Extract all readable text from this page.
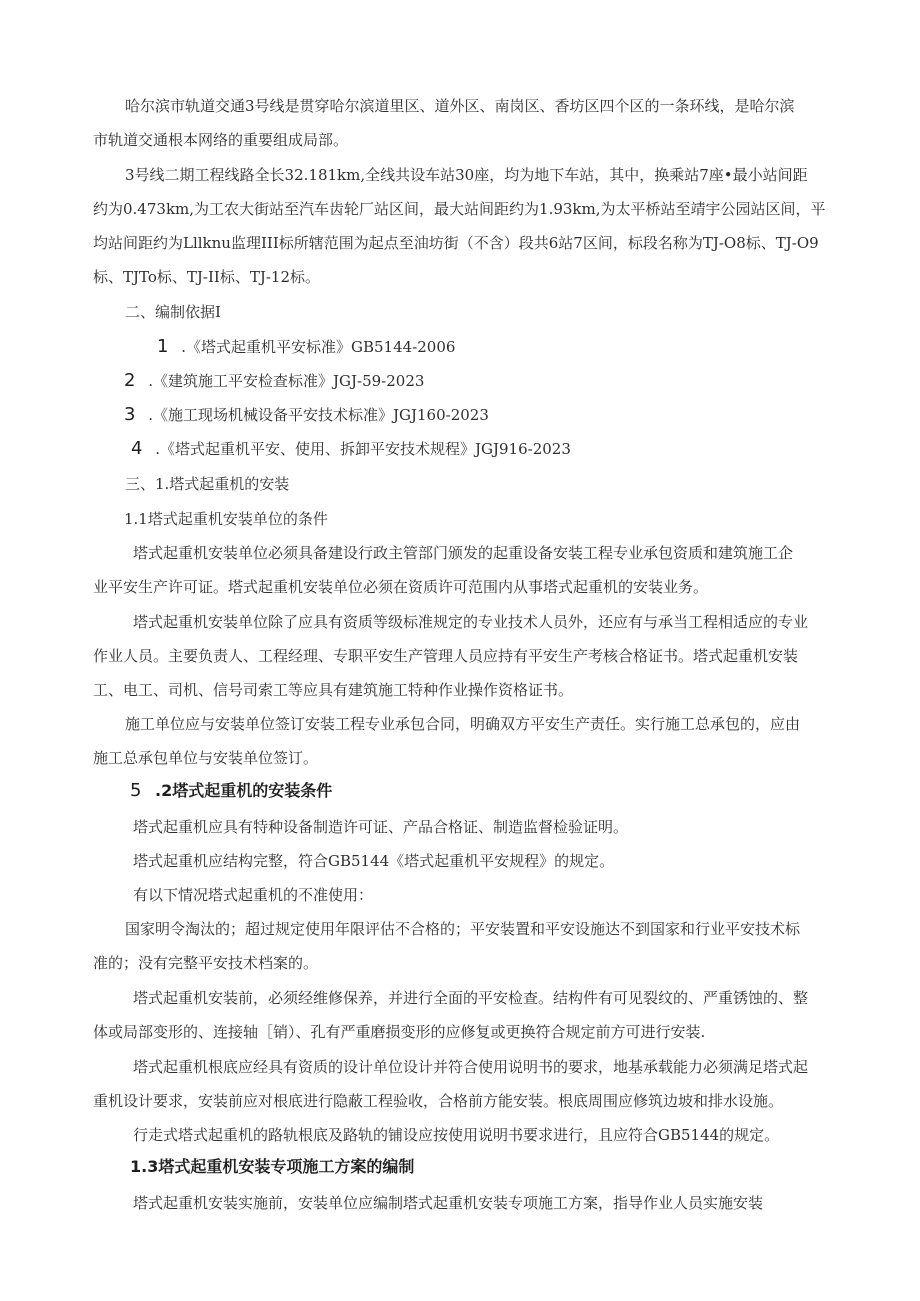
哈尔滨市轨道交通3号线是贯穿哈尔滨道里区、道外区、南岗区、香坊区四个区的一条环线，是哈尔滨
市轨道交通根本网络的重要组成局部。
3号线二期工程线路全长32.181km,全线共设车站30座，均为地下车站，其中，换乘站7座•最小站间距
约为0.473km,为工农大街站至汽车齿轮厂站区间，最大站间距约为1.93km,为太平桥站至靖宇公园站区间，平
均站间距约为Lllknu监理III标所辖范围为起点至油坊街（不含）段共6站7区间，标段名称为TJ-O8标、TJ-O9
标、TJTo标、TJ-II标、TJ-12标。
二、编制依据Ⅰ
1 .《塔式起重机平安标准》GB5144-2006
2 .《建筑施工平安检查标准》JGJ-59-2023
3 .《施工现场机械设备平安技术标准》JGJ160-2023
4 .《塔式起重机平安、使用、拆卸平安技术规程》JGJ916-2023
三、1.塔式起重机的安装
1.1塔式起重机安装单位的条件
塔式起重机安装单位必须具备建设行政主管部门颁发的起重设备安装工程专业承包资质和建筑施工企
业平安生产许可证。塔式起重机安装单位必须在资质许可范围内从事塔式起重机的安装业务。
塔式起重机安装单位除了应具有资质等级标准规定的专业技术人员外，还应有与承当工程相适应的专业
作业人员。主要负责人、工程经理、专职平安生产管理人员应持有平安生产考核合格证书。塔式起重机安装
工、电工、司机、信号司索工等应具有建筑施工特种作业操作资格证书。
施工单位应与安装单位签订安装工程专业承包合同，明确双方平安生产责任。实行施工总承包的，应由
施工总承包单位与安装单位签订。
5 .2塔式起重机的安装条件
塔式起重机应具有特种设备制造许可证、产品合格证、制造监督检验证明。
塔式起重机应结构完整，符合GB5144《塔式起重机平安规程》的规定。
有以下情况塔式起重机的不准使用：
国家明令淘汰的；超过规定使用年限评估不合格的；平安装置和平安设施达不到国家和行业平安技术标
准的；没有完整平安技术档案的。
塔式起重机安装前，必须经维修保养，并进行全面的平安检查。结构件有可见裂纹的、严重锈蚀的、整
体或局部变形的、连接轴［销）、孔有严重磨损变形的应修复或更换符合规定前方可进行安装.
塔式起重机根底应经具有资质的设计单位设计并符合使用说明书的要求，地基承载能力必须满足塔式起
重机设计要求，安装前应对根底进行隐蔽工程验收，合格前方能安装。根底周围应修筑边坡和排水设施。
行走式塔式起重机的路轨根底及路轨的铺设应按使用说明书要求进行，且应符合GB5144的规定。
1.3塔式起重机安装专项施工方案的编制
塔式起重机安装实施前，安装单位应编制塔式起重机安装专项施工方案，指导作业人员实施安装
